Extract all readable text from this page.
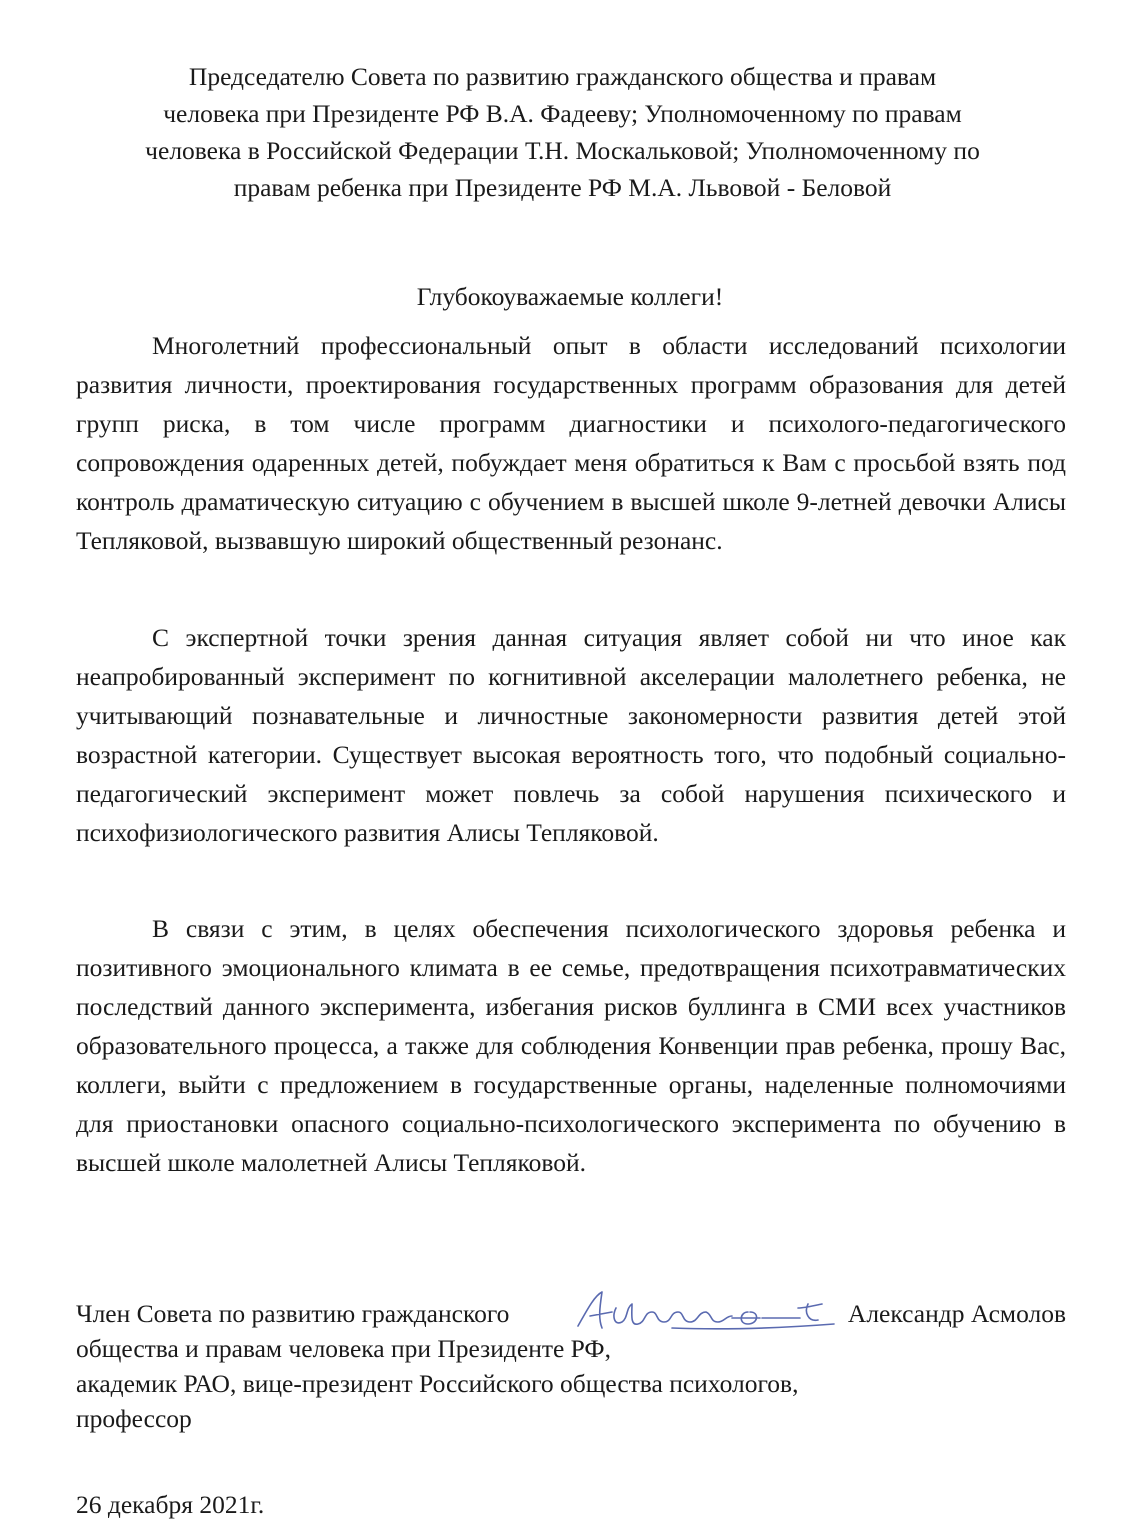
Председателю Совета по развитию гражданского общества и правам
человека при Президенте РФ В.А. Фадееву; Уполномоченному по правам
человека в Российской Федерации Т.Н. Москальковой; Уполномоченному по
правам ребенка при Президенте РФ М.А. Львовой - Беловой
Глубокоуважаемые коллеги!

Многолетний профессиональный опыт в области исследований психологии развития личности, проектирования государственных программ образования для детей групп риска, в том числе программ диагностики и психолого-педагогического сопровождения одаренных детей, побуждает меня обратиться к Вам с просьбой взять под контроль драматическую ситуацию с обучением в высшей школе 9-летней девочки Алисы Тепляковой, вызвавшую широкий общественный резонанс.

С экспертной точки зрения данная ситуация являет собой ни что иное как неапробированный эксперимент по когнитивной акселерации малолетнего ребенка, не учитывающий познавательные и личностные закономерности развития детей этой возрастной категории. Существует высокая вероятность того, что подобный социально-педагогический эксперимент может повлечь за собой нарушения психического и психофизиологического развития Алисы Тепляковой.

В связи с этим, в целях обеспечения психологического здоровья ребенка и позитивного эмоционального климата в ее семье, предотвращения психотравматических последствий данного эксперимента, избегания рисков буллинга в СМИ всех участников образовательного процесса, а также для соблюдения Конвенции прав ребенка, прошу Вас, коллеги, выйти с предложением в государственные органы, наделенные полномочиями для приостановки опасного социально-психологического эксперимента по обучению в высшей школе малолетней Алисы Тепляковой.

Член Совета по развитию гражданского	Александр Асмолов
общества и правам человека при Президенте РФ,
академик РАО, вице-президент Российского общества психологов,
профессор
26 декабря 2021г.
